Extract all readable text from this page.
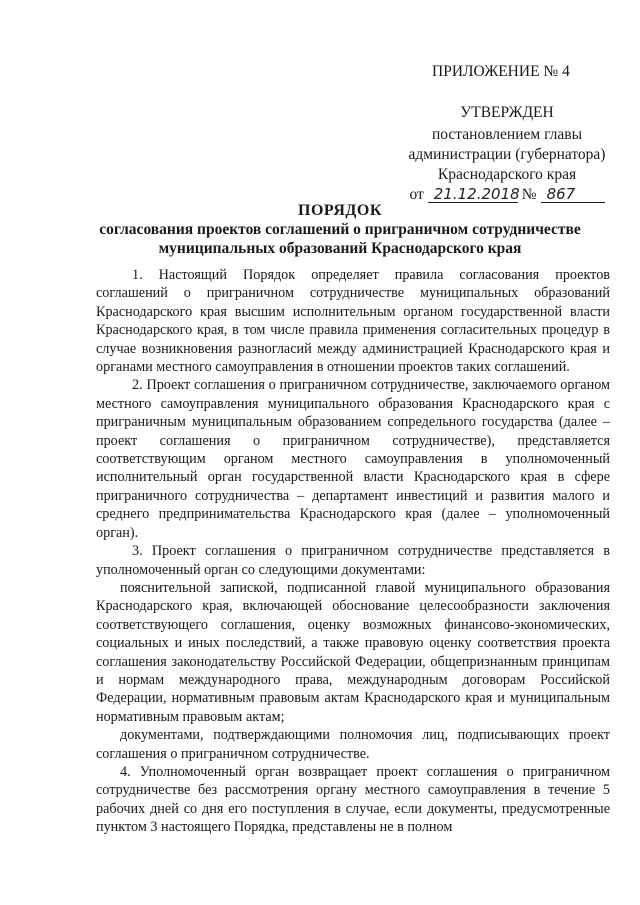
ПРИЛОЖЕНИЕ № 4
УТВЕРЖДЕН
постановлением главы
администрации (губернатора)
Краснодарского края
от 21.12.2018 № 867
ПОРЯДОК
согласования проектов соглашений о приграничном сотрудничестве
муниципальных образований Краснодарского края

1. Настоящий Порядок определяет правила согласования проектов соглашений о приграничном сотрудничестве муниципальных образований Краснодарского края высшим исполнительным органом государственной власти Краснодарского края, в том числе правила применения согласительных процедур в случае возникновения разногласий между администрацией Краснодарского края и органами местного самоуправления в отношении проектов таких соглашений.

2. Проект соглашения о приграничном сотрудничестве, заключаемого органом местного самоуправления муниципального образования Краснодарского края с приграничным муниципальным образованием сопредельного государства (далее – проект соглашения о приграничном сотрудничестве), представляется соответствующим органом местного самоуправления в уполномоченный исполнительный орган государственной власти Краснодарского края в сфере приграничного сотрудничества – департамент инвестиций и развития малого и среднего предпринимательства Краснодарского края (далее – уполномоченный орган).

3. Проект соглашения о приграничном сотрудничестве представляется в уполномоченный орган со следующими документами:

пояснительной запиской, подписанной главой муниципального образования Краснодарского края, включающей обоснование целесообразности заключения соответствующего соглашения, оценку возможных финансово-экономических, социальных и иных последствий, а также правовую оценку соответствия проекта соглашения законодательству Российской Федерации, общепризнанным принципам и нормам международного права, международным договорам Российской Федерации, нормативным правовым актам Краснодарского края и муниципальным нормативным правовым актам;

документами, подтверждающими полномочия лиц, подписывающих проект соглашения о приграничном сотрудничестве.

4. Уполномоченный орган возвращает проект соглашения о приграничном сотрудничестве без рассмотрения органу местного самоуправления в течение 5 рабочих дней со дня его поступления в случае, если документы, предусмотренные пунктом 3 настоящего Порядка, представлены не в полном
